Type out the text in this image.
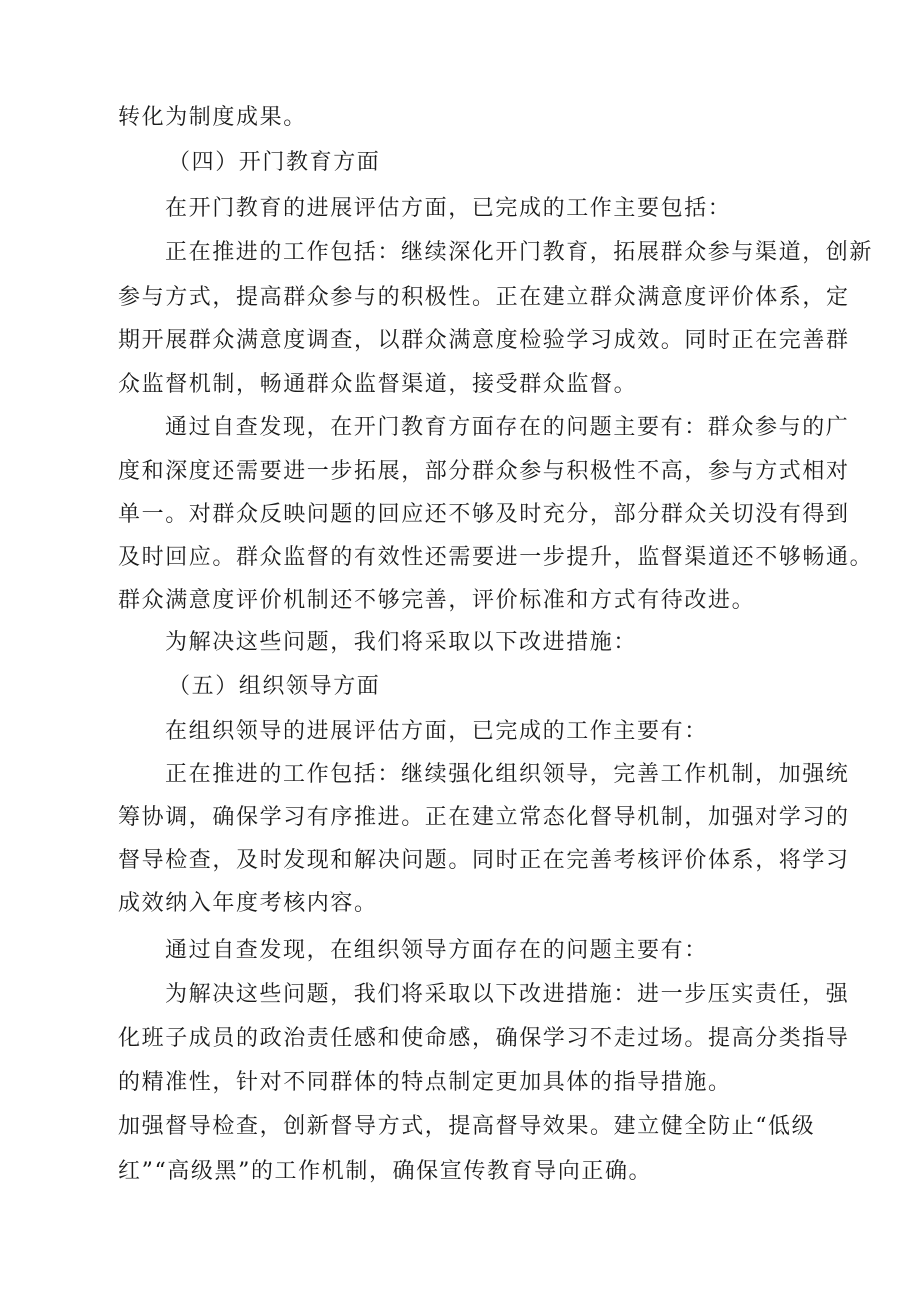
转化为制度成果。
（四）开门教育方面
在开门教育的进展评估方面，已完成的工作主要包括：
正在推进的工作包括：继续深化开门教育，拓展群众参与渠道，创新
参与方式，提高群众参与的积极性。正在建立群众满意度评价体系，定
期开展群众满意度调查，以群众满意度检验学习成效。同时正在完善群
众监督机制，畅通群众监督渠道，接受群众监督。
通过自查发现，在开门教育方面存在的问题主要有：群众参与的广
度和深度还需要进一步拓展，部分群众参与积极性不高，参与方式相对
单一。对群众反映问题的回应还不够及时充分，部分群众关切没有得到
及时回应。群众监督的有效性还需要进一步提升，监督渠道还不够畅通。
群众满意度评价机制还不够完善，评价标准和方式有待改进。
为解决这些问题，我们将采取以下改进措施：
（五）组织领导方面
在组织领导的进展评估方面，已完成的工作主要有：
正在推进的工作包括：继续强化组织领导，完善工作机制，加强统
筹协调，确保学习有序推进。正在建立常态化督导机制，加强对学习的
督导检查，及时发现和解决问题。同时正在完善考核评价体系，将学习
成效纳入年度考核内容。
通过自查发现，在组织领导方面存在的问题主要有：
为解决这些问题，我们将采取以下改进措施：进一步压实责任，强
化班子成员的政治责任感和使命感，确保学习不走过场。提高分类指导
的精准性，针对不同群体的特点制定更加具体的指导措施。
加强督导检查，创新督导方式，提高督导效果。建立健全防止“低级
红”“高级黑”的工作机制，确保宣传教育导向正确。
